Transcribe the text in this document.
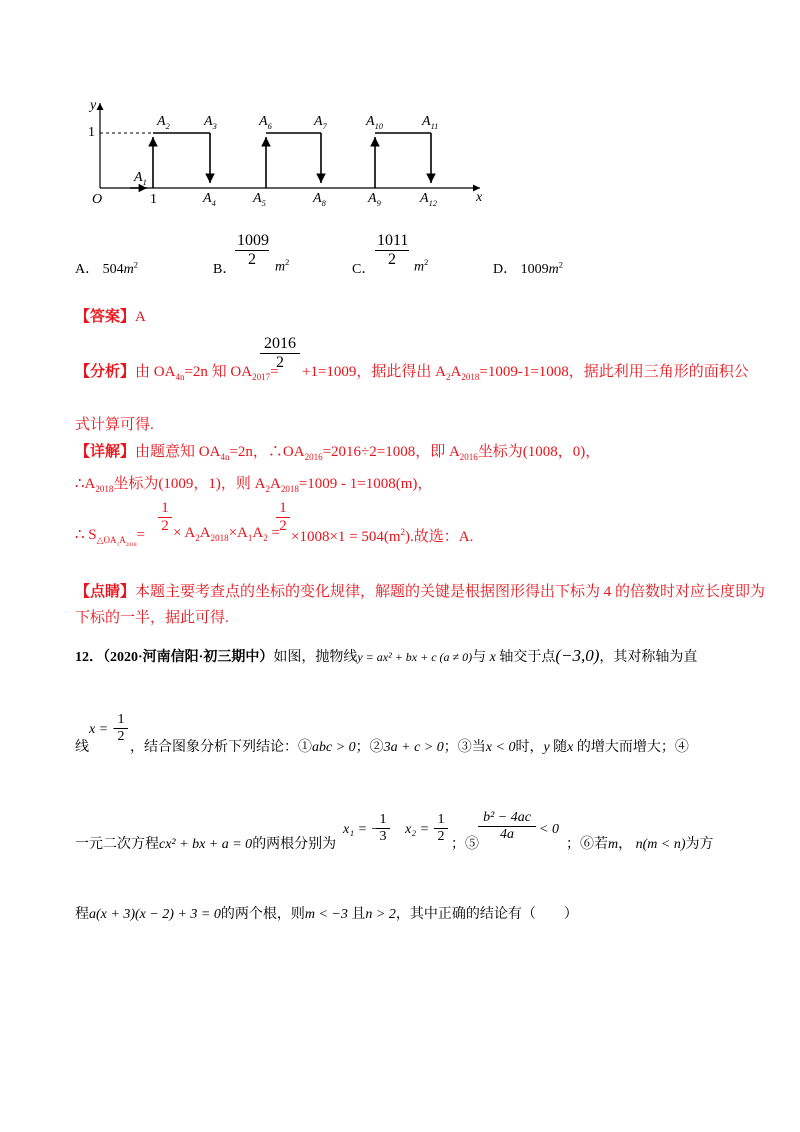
y
1
O	1	x
$A_1$
$A_2$ $A_3$
$A_4$	$A_5$
$A_6$	$A_7$
$A_8$	$A_9$
$A_{10}$	$A_{11}$
$A_{12}$
A． $504m^2$	B．
$\frac{1009}{2} m^2$	C．
$\frac{1011}{2} m^2$	D． $1009m^2$
【答案】A
【分析】由 $OA_{4n}=2n$ 知 $OA_{2017}=$
$\frac{2016}{2} +1=1009$，据此得出 $A_2A_{2018}=1009-1=1008$，据此利用三角形的面积公
式计算可得.
【详解】由题意知 $OA_{4n}=2n$，$\therefore OA_{2016}=2016\div 2=1008$，即 $A_{2016}$坐标为(1008，0)，
$\therefore A_{2018}$坐标为(1009，1)，则 $A_2A_{2018}=1009 - 1=1008(m)$，
∴ $S_{\triangle OA_1A_{2018}}= \frac{1}{2} \times A_2A_{2018}\times A_1A_2$ =
$\frac{1}{2}$
$\times 1008\times 1 = 504(m^2)$.故选：A.
【点睛】本题主要考查点的坐标的变化规律，解题的关键是根据图形得出下标为 4 的倍数时对应长度即为
下标的一半，据此可得.
12．（2020·河南信阳·初三期中）如图，抛物线y = ax² + bx + c (a ≠ 0)与 x 轴交于点(−3,0)，其对称轴为直
线
x = −
$\frac{1}{2}$
，结合图象分析下列结论：①abc > 0；②3a + c > 0；③当x < 0时，y 随x 的增大而增大；④
一元二次方程cx² + bx + a = 0的两根分别为
x₁ = −
$\frac{1}{3} x_2 = \frac{1}{2}$ ；⑤
$\frac{\text{b² − 4ac}}{4a} < 0$
；⑥若m， n(m < n)为方
程a(x + 3)(x − 2) + 3 = 0的两个根，则m < −3 且n > 2，其中正确的结论有（　　）
